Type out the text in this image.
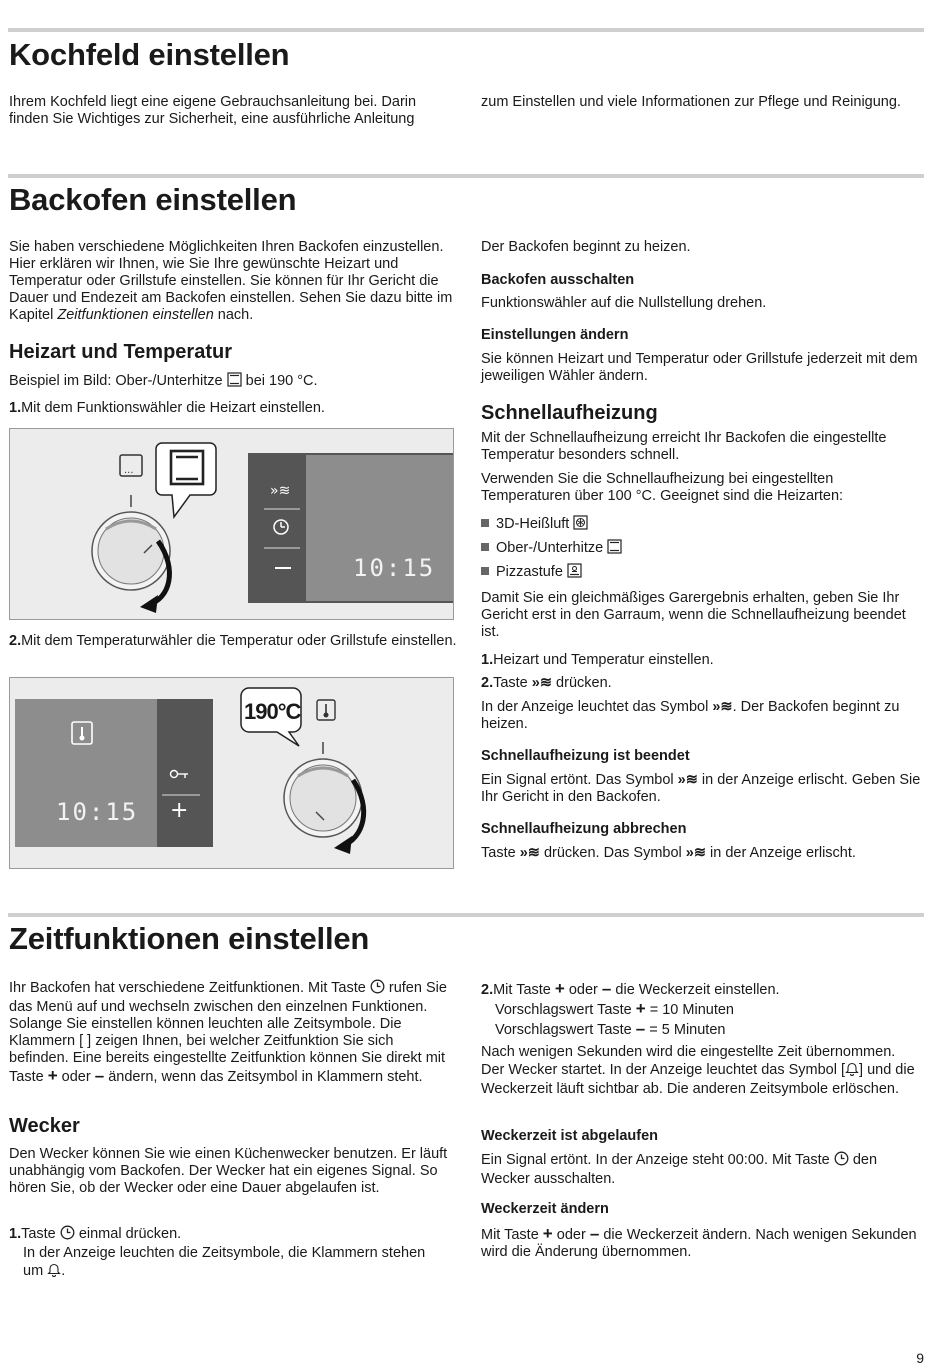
Kochfeld einstellen

Ihrem Kochfeld liegt eine eigene Gebrauchsanleitung bei. Darin finden Sie Wichtiges zur Sicherheit, eine ausführliche Anleitung

zum Einstellen und viele Informationen zur Pflege und Reinigung.

Backofen einstellen

Sie haben verschiedene Möglichkeiten Ihren Backofen einzustellen. Hier erklären wir Ihnen, wie Sie Ihre gewünschte Heizart und Temperatur oder Grillstufe einstellen. Sie können für Ihr Gericht die Dauer und Endezeit am Backofen einstellen. Sehen Sie dazu bitte im Kapitel Zeitfunktionen einstellen nach.

Heizart und Temperatur

Beispiel im Bild: Ober-/Unterhitze bei 190 °C.

1.Mit dem Funktionswähler die Heizart einstellen.

...
»≋
10:15

2.Mit dem Temperaturwähler die Temperatur oder Grillstufe einstellen.

190°C
10:15 +

Der Backofen beginnt zu heizen.

Backofen ausschalten

Funktionswähler auf die Nullstellung drehen.

Einstellungen ändern

Sie können Heizart und Temperatur oder Grillstufe jederzeit mit dem jeweiligen Wähler ändern.

Schnellaufheizung

Mit der Schnellaufheizung erreicht Ihr Backofen die eingestellte Temperatur besonders schnell.

Verwenden Sie die Schnellaufheizung bei eingestellten Temperaturen über 100 °C. Geeignet sind die Heizarten:

3D-Heißluft
Ober-/Unterhitze
Pizzastufe

Damit Sie ein gleichmäßiges Garergebnis erhalten, geben Sie Ihr Gericht erst in den Garraum, wenn die Schnellaufheizung beendet ist.

1.Heizart und Temperatur einstellen.

2.Taste »≋ drücken.

In der Anzeige leuchtet das Symbol »≋. Der Backofen beginnt zu heizen.

Schnellaufheizung ist beendet

Ein Signal ertönt. Das Symbol »≋ in der Anzeige erlischt. Geben Sie Ihr Gericht in den Backofen.

Schnellaufheizung abbrechen

Taste »≋ drücken. Das Symbol »≋ in der Anzeige erlischt.

Zeitfunktionen einstellen

Ihr Backofen hat verschiedene Zeitfunktionen. Mit Taste rufen Sie das Menü auf und wechseln zwischen den einzelnen Funktionen. Solange Sie einstellen können leuchten alle Zeitsymbole. Die Klammern [ ] zeigen Ihnen, bei welcher Zeitfunktion Sie sich befinden. Eine bereits eingestellte Zeitfunktion können Sie direkt mit Taste + oder – ändern, wenn das Zeitsymbol in Klammern steht.

Wecker

Den Wecker können Sie wie einen Küchenwecker benutzen. Er läuft unabhängig vom Backofen. Der Wecker hat ein eigenes Signal. So hören Sie, ob der Wecker oder eine Dauer abgelaufen ist.

1.Taste einmal drücken.

In der Anzeige leuchten die Zeitsymbole, die Klammern stehen um .

2.Mit Taste + oder – die Weckerzeit einstellen.

Vorschlagswert Taste + = 10 Minuten

Vorschlagswert Taste – = 5 Minuten

Nach wenigen Sekunden wird die eingestellte Zeit übernommen. Der Wecker startet. In der Anzeige leuchtet das Symbol [ ] und die Weckerzeit läuft sichtbar ab. Die anderen Zeitsymbole erlöschen.

Weckerzeit ist abgelaufen

Ein Signal ertönt. In der Anzeige steht 00:00. Mit Taste den Wecker ausschalten.

Weckerzeit ändern

Mit Taste + oder – die Weckerzeit ändern. Nach wenigen Sekunden wird die Änderung übernommen.

9
